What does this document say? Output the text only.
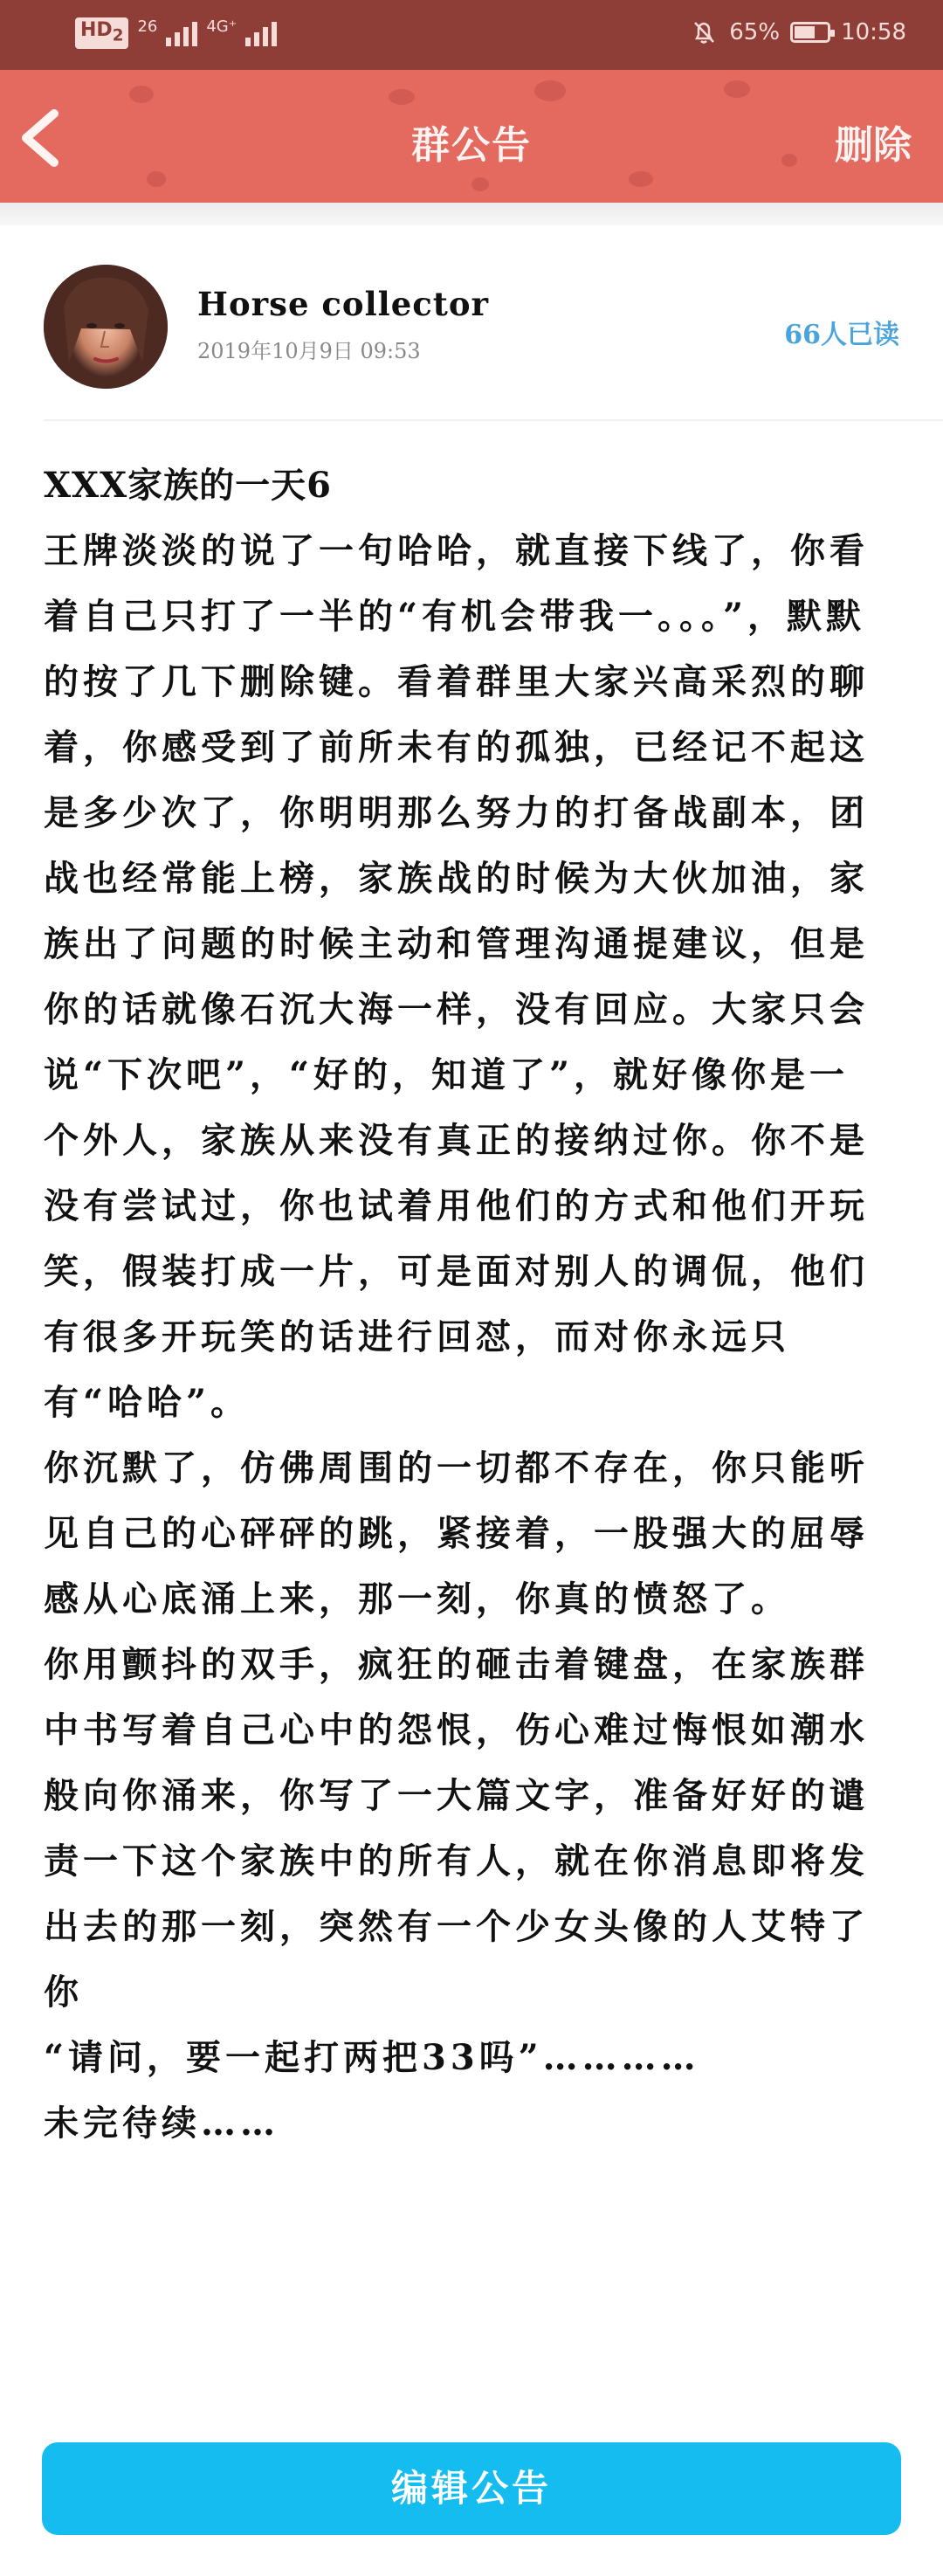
$HD_2$
26	4G⁺	65%	10:58
群公告	删除
Horse collector
2019年10月9日 09:53
66人已读

XXX家族的一天6

王牌淡淡的说了一句哈哈，就直接下线了，你看着自己只打了一半的“有机会带我一。。。”，默默的按了几下删除键。看着群里大家兴高采烈的聊着，你感受到了前所未有的孤独，已经记不起这是多少次了，你明明那么努力的打备战副本，团战也经常能上榜，家族战的时候为大伙加油，家族出了问题的时候主动和管理沟通提建议，但是你的话就像石沉大海一样，没有回应。大家只会说“下次吧”，“好的，知道了”，就好像你是一个外人，家族从来没有真正的接纳过你。你不是没有尝试过，你也试着用他们的方式和他们开玩笑，假装打成一片，可是面对别人的调侃，他们有很多开玩笑的话进行回怼，而对你永远只有“哈哈”。

你沉默了，仿佛周围的一切都不存在，你只能听见自己的心砰砰的跳，紧接着，一股强大的屈辱感从心底涌上来，那一刻，你真的愤怒了。

你用颤抖的双手，疯狂的砸击着键盘，在家族群中书写着自己心中的怨恨，伤心难过悔恨如潮水般向你涌来，你写了一大篇文字，准备好好的谴责一下这个家族中的所有人，就在你消息即将发出去的那一刻，突然有一个少女头像的人艾特了你

“请问，要一起打两把33吗”…………

未完待续……

编辑公告
